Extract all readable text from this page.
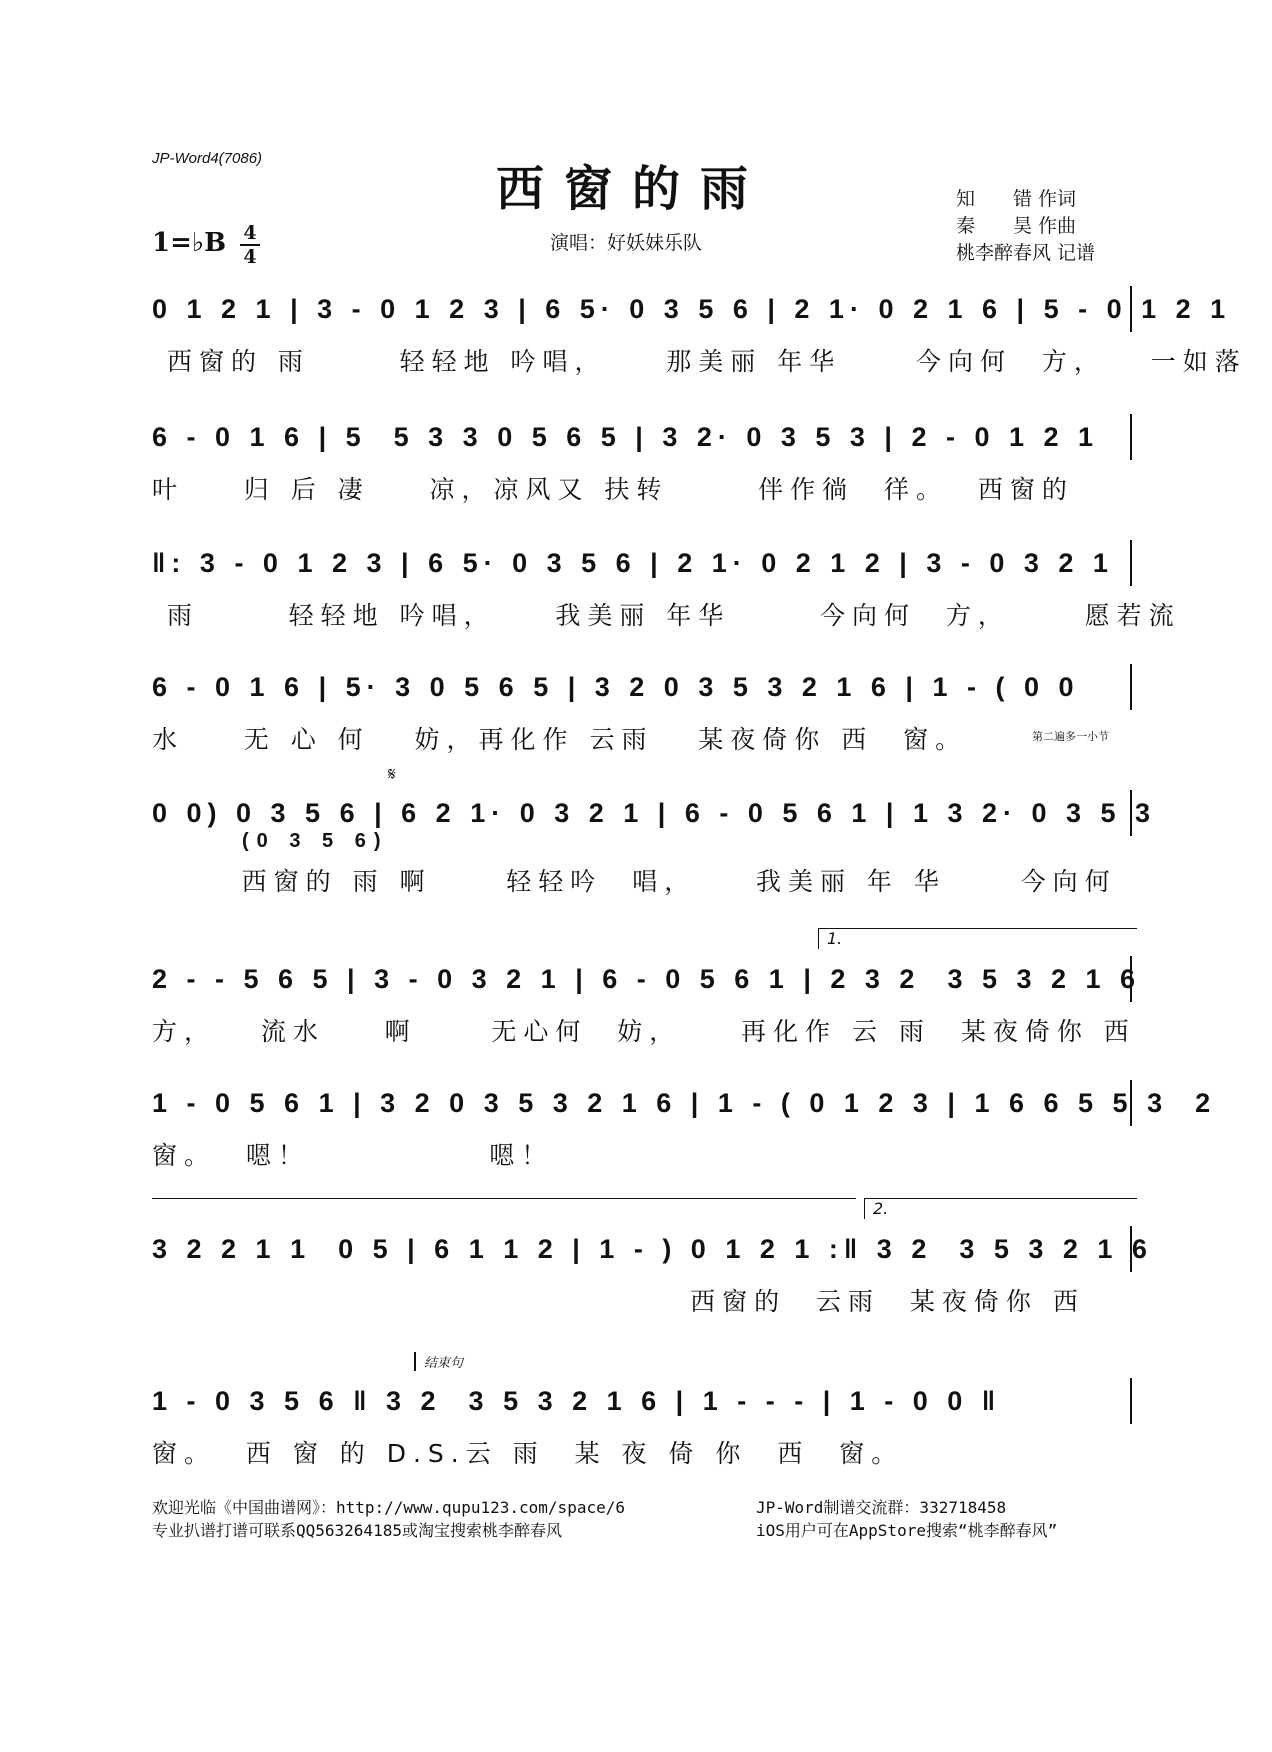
JP-Word4(7086)
西窗的雨
演唱：好妖妹乐队
知　　错 作词
秦　　昊 作曲
桃李醉春风 记谱
1=♭B 4
4
0 1 2 1 | 3 - 0 1 2 3 | 6 5· 0 3 5 6 | 2 1· 0 2 1 6 | 5 - 0 1 2 1
西窗的 雨      轻轻地 吟唱，    那美丽 年华     今向何  方，   一如落
6 - 0 1 6 | 5  5 3 3 0 5 6 5 | 3 2· 0 3 5 3 | 2 - 0 1 2 1
叶    归 后 凄    凉，凉风又 扶转      伴作徜  徉。  西窗的
‖: 3 - 0 1 2 3 | 6 5· 0 3 5 6 | 2 1· 0 2 1 2 | 3 - 0 3 2 1
雨      轻轻地 吟唱，    我美丽 年华      今向何  方，     愿若流
6 - 0 1 6 | 5· 3 0 5 6 5 | 3 2 0 3 5 3 2 1 6 | 1 - ( 0 0
水    无 心 何   妨，再化作 云雨   某夜倚你 西  窗。	第二遍多一小节
𝄋
0 0) 0 3 5 6 | 6 2 1· 0 3 2 1 | 6 - 0 5 6 1 | 1 3 2· 0 3 5 3
(0 3 5 6)
西窗的 雨 啊     轻轻吟  唱，    我美丽 年 华     今向何
1.
2 - - 5 6 5 | 3 - 0 3 2 1 | 6 - 0 5 6 1 | 2 3 2  3 5 3 2 1 6
方，   流水    啊     无心何  妨，    再化作 云 雨  某夜倚你 西
1 - 0 5 6 1 | 3 2 0 3 5 3 2 1 6 | 1 - ( 0 1 2 3 | 1 6 6 5 5 3  2
窗。  嗯！            嗯！
2.
3 2 2 1 1  0 5 | 6 1 1 2 | 1 - ) 0 1 2 1 :‖ 3 2  3 5 3 2 1 6
西窗的  云雨  某夜倚你 西
结束句
1 - 0 3 5 6 ‖ 3 2  3 5 3 2 1 6 | 1 - - - | 1 - 0 0 ‖
窗。  西 窗 的 D.S.云 雨  某 夜 倚 你  西  窗。
欢迎光临《中国曲谱网》：http://www.qupu123.com/space/6
专业扒谱打谱可联系QQ563264185或淘宝搜索桃李醉春风
JP-Word制谱交流群：332718458
iOS用户可在AppStore搜索“桃李醉春风”
